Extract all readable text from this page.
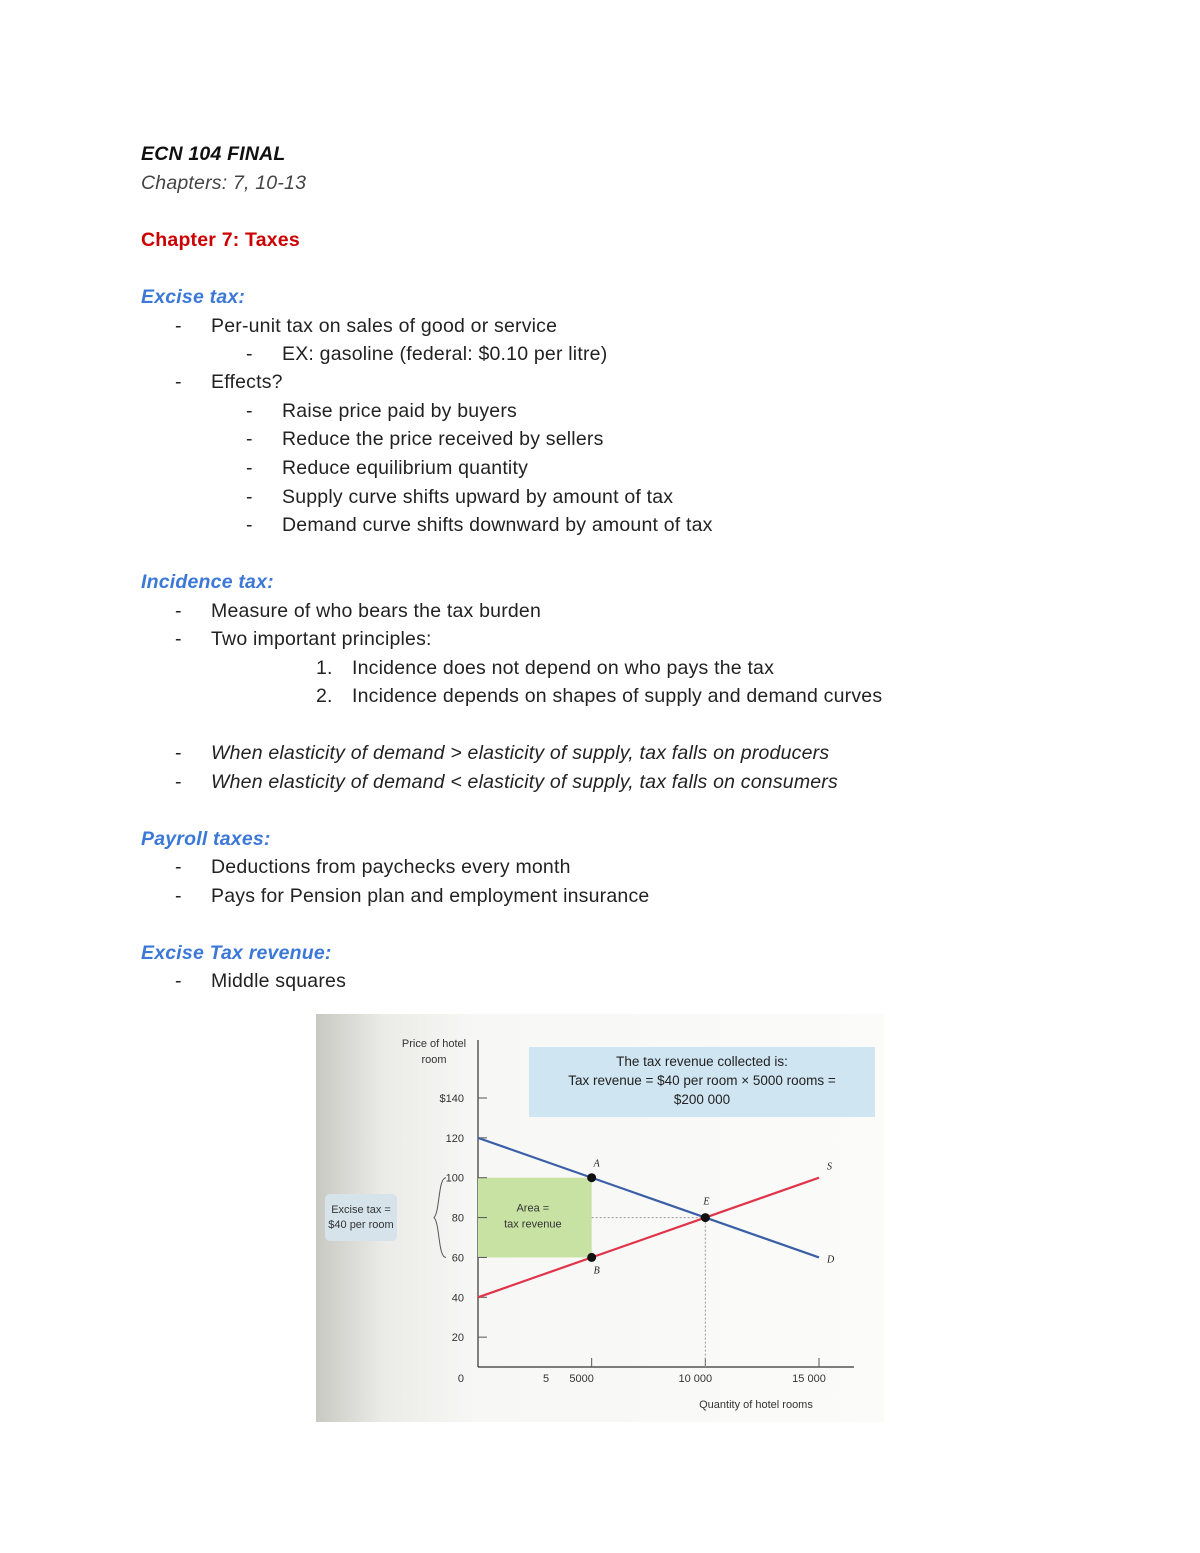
ECN 104 FINAL
Chapters: 7, 10-13
Chapter 7: Taxes
Excise tax:
- Per-unit tax on sales of good or service
- EX: gasoline (federal: $0.10 per litre)
- Effects?
- Raise price paid by buyers
- Reduce the price received by sellers
- Reduce equilibrium quantity
- Supply curve shifts upward by amount of tax
- Demand curve shifts downward by amount of tax
Incidence tax:
- Measure of who bears the tax burden
- Two important principles:
1. Incidence does not depend on who pays the tax
2. Incidence depends on shapes of supply and demand curves
- When elasticity of demand > elasticity of supply, tax falls on producers
- When elasticity of demand < elasticity of supply, tax falls on consumers
Payroll taxes:
- Deductions from paychecks every month
- Pays for Pension plan and employment insurance
Excise Tax revenue:
- Middle squares
Price of hotel
room	The tax revenue collected is:
Tax revenue = $40 per room × 5000 rooms =
$200 000
Excise tax =
$40 per room
Area =
tax revenue
$140
120
100
80
60
40
20
0	5000	10 000	15 000
5
Quantity of hotel rooms
D
S
A
B
E
